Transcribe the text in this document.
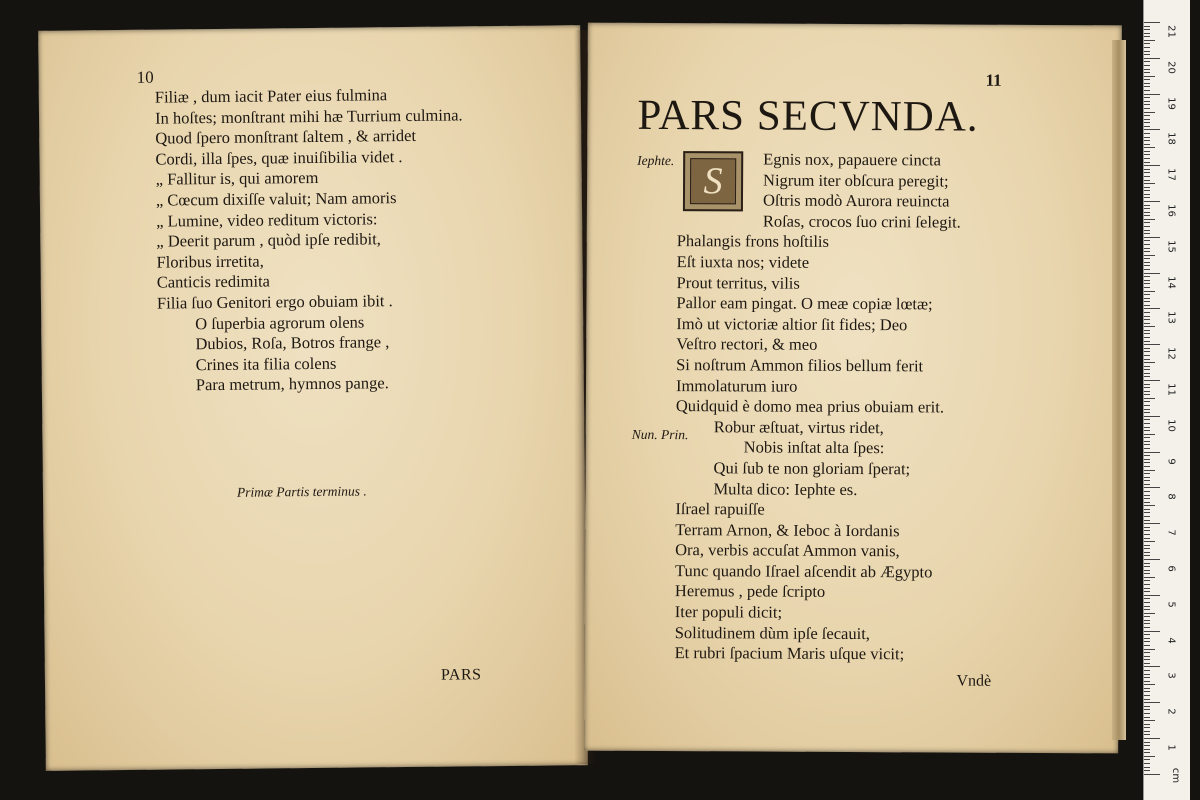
10
Filiæ , dum iacit Pater eius fulmina
In hoſtes; monſtrant mihi hæ Turrium culmina.
Quod ſpero monſtrant ſaltem , & arridet
Cordi, illa ſpes, quæ inuiſibilia videt .
„ Fallitur is, qui amorem
„ Cœcum dixiſſe valuit; Nam amoris
„ Lumine, video reditum victoris:
„ Deerit parum , quòd ipſe redibit,
Floribus irretita,
Canticis redimita
Filia ſuo Genitori ergo obuiam ibit .
O ſuperbia agrorum olens
Dubios, Roſa, Botros frange ,
Crines ita filia colens
Para metrum, hymnos pange.
Primæ Partis terminus .
PARS
11
PARS SECVNDA.
Iephte. S
Egnis nox, papauere cincta
Nigrum iter obſcura peregit;
Oſtris modò Aurora reuincta
Roſas, crocos ſuo crini ſelegit.
Phalangis frons hoſtilis
Eſt iuxta nos; videte
Prout territus, vilis
Pallor eam pingat. O meæ copiæ lœtæ;
Imò ut victoriæ altior ſit fides; Deo
Veſtro rectori, & meo
Si noſtrum Ammon filios bellum ferit
Immolaturum iuro
Quidquid è domo mea prius obuiam erit.
Robur æſtuat, virtus ridet,
Nobis inſtat alta ſpes:
Qui ſub te non gloriam ſperat;
Multa dico: Iephte es.
Iſrael rapuiſſe
Terram Arnon, & Ieboc à Iordanis
Ora, verbis accuſat Ammon vanis,
Tunc quando Iſrael aſcendit ab Ægypto
Heremus , pede ſcripto
Iter populi dicit;
Solitudinem dùm ipſe ſecauit,
Et rubri ſpacium Maris uſque vicit;
Nun. Prin.
Vndè
cm
21
20
19
18
17
16
15
14
13
12
11
10
9
8
7
6
5
4
3
2
1
